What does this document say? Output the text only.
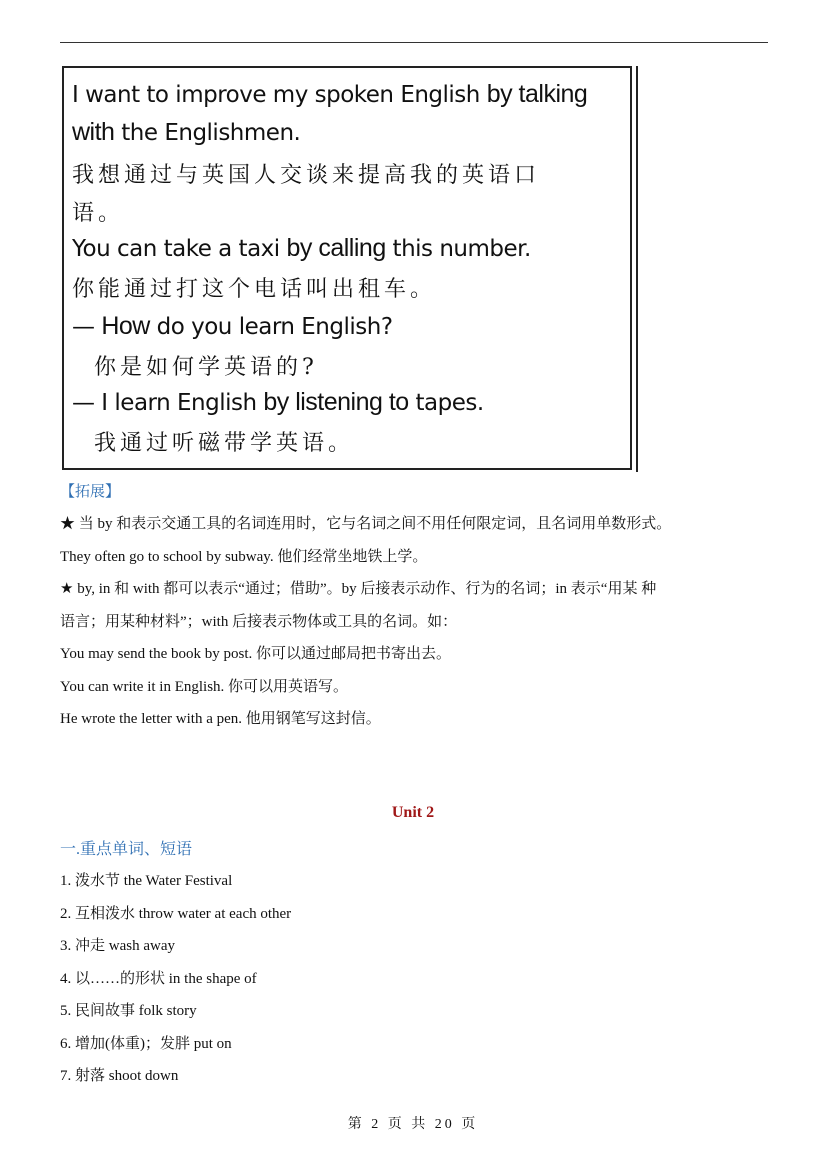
I want to improve my spoken English by talking
with the Englishmen.
我想通过与英国人交谈来提高我的英语口
语。
You can take a taxi by calling this number.
你能通过打这个电话叫出租车。
— How do you learn English?
你是如何学英语的?
— I learn English by listening to tapes.
我通过听磁带学英语。
【拓展】
★ 当 by 和表示交通工具的名词连用时，它与名词之间不用任何限定词，且名词用单数形式。
They often go to school by subway. 他们经常坐地铁上学。
★ by, in 和 with 都可以表示“通过；借助”。by 后接表示动作、行为的名词；in 表示“用某 种
语言；用某种材料”；with 后接表示物体或工具的名词。如：
You may send the book by post. 你可以通过邮局把书寄出去。
You can write it in English. 你可以用英语写。
He wrote the letter with a pen. 他用钢笔写这封信。
Unit 2
一.重点单词、短语
1. 泼水节 the Water Festival
2. 互相泼水 throw water at each other
3. 冲走 wash away
4. 以……的形状 in the shape of
5. 民间故事 folk story
6. 增加(体重)；发胖 put on
7. 射落 shoot down
第 2 页 共 20 页
